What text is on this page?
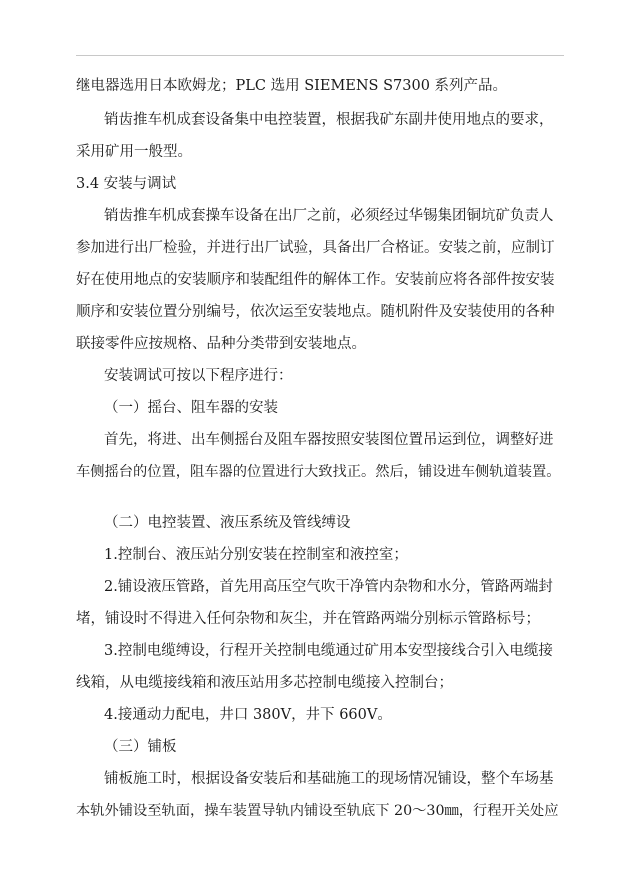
继电器选用日本欧姆龙；PLC 选用 SIEMENS S7300 系列产品。
销齿推车机成套设备集中电控装置，根据我矿东副井使用地点的要求，
采用矿用一般型。
3.4 安装与调试
销齿推车机成套操车设备在出厂之前，必须经过华锡集团铜坑矿负责人
参加进行出厂检验，并进行出厂试验，具备出厂合格证。安装之前，应制订
好在使用地点的安装顺序和装配组件的解体工作。安装前应将各部件按安装
顺序和安装位置分别编号，依次运至安装地点。随机附件及安装使用的各种
联接零件应按规格、品种分类带到安装地点。
安装调试可按以下程序进行：
（一）摇台、阻车器的安装
首先，将进、出车侧摇台及阻车器按照安装图位置吊运到位，调整好进
车侧摇台的位置，阻车器的位置进行大致找正。然后，铺设进车侧轨道装置。
（二）电控装置、液压系统及管线缚设
1.控制台、液压站分别安装在控制室和液控室；
2.铺设液压管路，首先用高压空气吹干净管内杂物和水分，管路两端封
堵，铺设时不得进入任何杂物和灰尘，并在管路两端分别标示管路标号；
3.控制电缆缚设，行程开关控制电缆通过矿用本安型接线合引入电缆接
线箱，从电缆接线箱和液压站用多芯控制电缆接入控制台；
4.接通动力配电，井口 380V，井下 660V。
（三）铺板
铺板施工时，根据设备安装后和基础施工的现场情况铺设，整个车场基
本轨外铺设至轨面，操车装置导轨内铺设至轨底下 20～30㎜，行程开关处应
